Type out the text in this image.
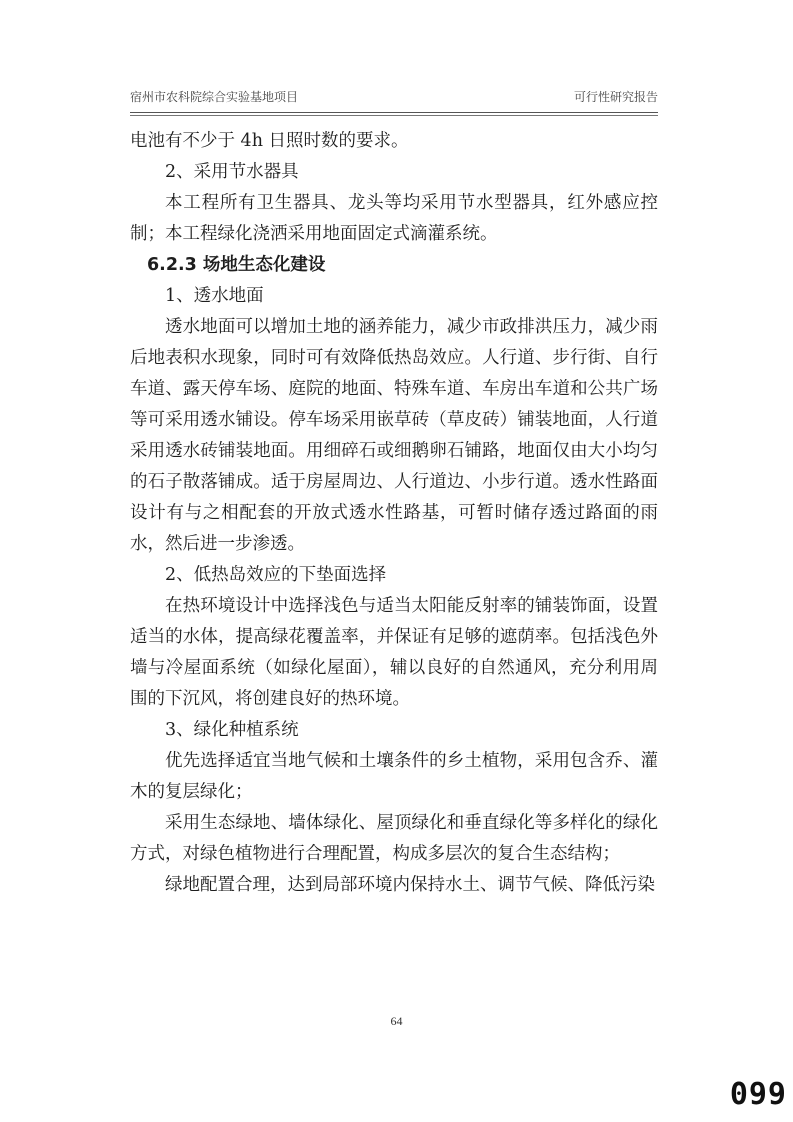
宿州市农科院综合实验基地项目	可行性研究报告

电池有不少于 4h 日照时数的要求。

2、采用节水器具

本工程所有卫生器具、龙头等均采用节水型器具，红外感应控制；本工程绿化浇洒采用地面固定式滴灌系统。

6.2.3 场地生态化建设

1、透水地面

透水地面可以增加土地的涵养能力，减少市政排洪压力，减少雨后地表积水现象，同时可有效降低热岛效应。人行道、步行街、自行车道、露天停车场、庭院的地面、特殊车道、车房出车道和公共广场等可采用透水铺设。停车场采用嵌草砖（草皮砖）铺装地面，人行道采用透水砖铺装地面。用细碎石或细鹅卵石铺路，地面仅由大小均匀的石子散落铺成。适于房屋周边、人行道边、小步行道。透水性路面设计有与之相配套的开放式透水性路基，可暂时储存透过路面的雨水，然后进一步渗透。

2、低热岛效应的下垫面选择

在热环境设计中选择浅色与适当太阳能反射率的铺装饰面，设置适当的水体，提高绿花覆盖率，并保证有足够的遮荫率。包括浅色外墙与冷屋面系统（如绿化屋面），辅以良好的自然通风，充分利用周围的下沉风，将创建良好的热环境。

3、绿化种植系统

优先选择适宜当地气候和土壤条件的乡土植物，采用包含乔、灌木的复层绿化；

采用生态绿地、墙体绿化、屋顶绿化和垂直绿化等多样化的绿化方式，对绿色植物进行合理配置，构成多层次的复合生态结构；

绿地配置合理，达到局部环境内保持水土、调节气候、降低污染

64
099
